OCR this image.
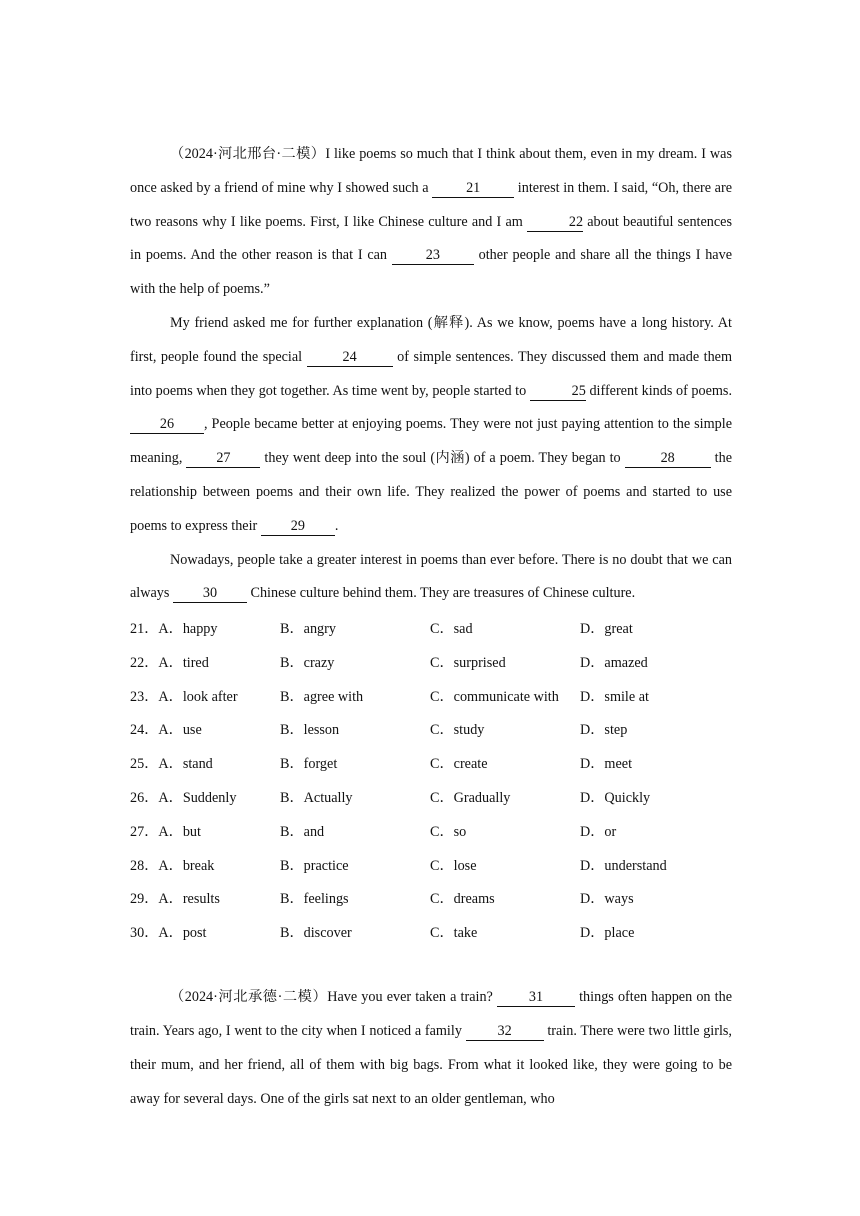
（2024·河北邢台·二模）I like poems so much that I think about them, even in my dream. I was once asked by a friend of mine why I showed such a 21 interest in them. I said, “Oh, there are two reasons why I like poems. First, I like Chinese culture and I am	22 about beautiful sentences in poems. And the other reason is that I can 23 other people and share all the things I have with the help of poems.”

My friend asked me for further explanation (解释). As we know, poems have a long history. At first, people found the special	24	of simple sentences. They discussed them and made them into poems when they got together. As time went by, people started to	25 different kinds of poems. 26 , People became better at enjoying poems. They were not just paying attention to the simple meaning, 27 they went deep into the soul (内涵) of a poem. They began to	28	the relationship between poems and their own life. They realized the power of poems and started to use poems to express their 29 .

Nowadays, people take a greater interest in poems than ever before. There is no doubt that we can always 30 Chinese culture behind them. They are treasures of Chinese culture.

21．A．happy	B．angry	C．sad	D．great
22．A．tired	B．crazy	C．surprised	D．amazed
23．A．look after	B．agree with	C．communicate with	D．smile at
24．A．use	B．lesson	C．study	D．step
25．A．stand	B．forget	C．create	D．meet
26．A．Suddenly	B．Actually	C．Gradually	D．Quickly
27．A．but	B．and	C．so	D．or
28．A．break	B．practice	C．lose	D．understand
29．A．results	B．feelings	C．dreams	D．ways
30．A．post	B．discover	C．take	D．place

（2024·河北承德·二模）Have you ever taken a train? 31 things often happen on the train. Years ago, I went to the city when I noticed a family 32 train. There were two little girls, their mum, and her friend, all of them with big bags. From what it looked like, they were going to be away for several days. One of the girls sat next to an older gentleman, who
